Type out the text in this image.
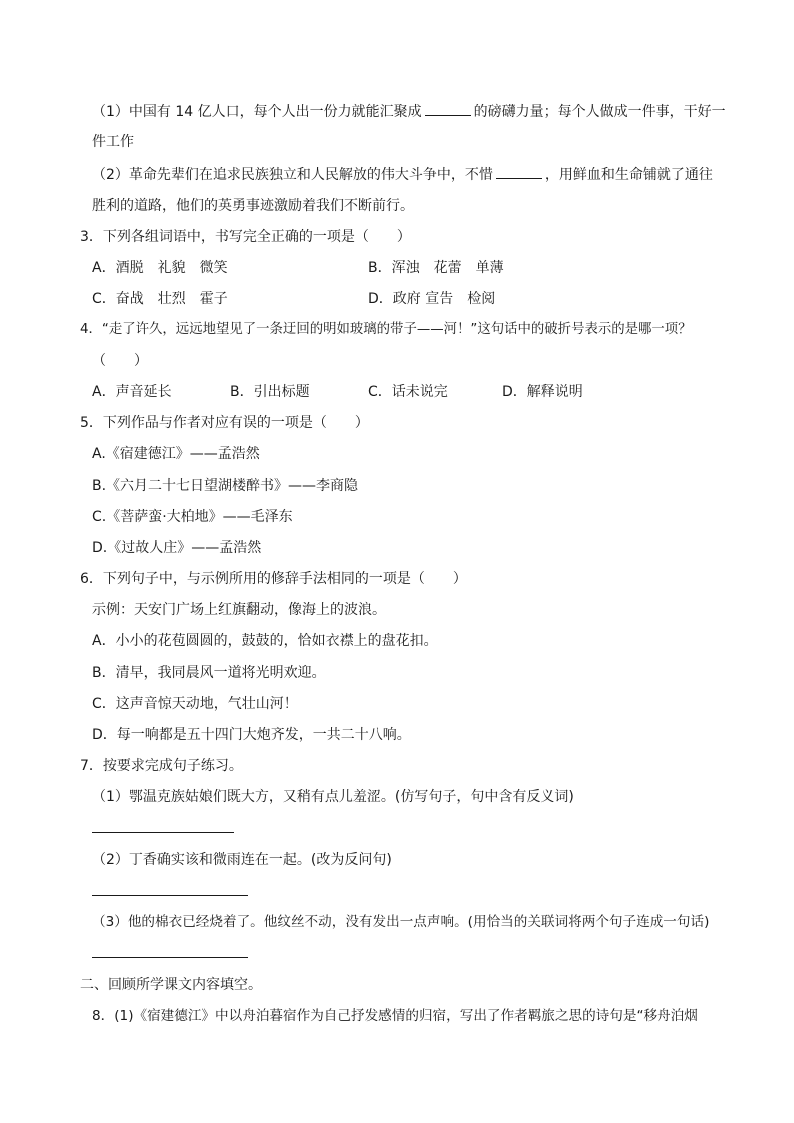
（1）中国有 14 亿人口，每个人出一份力就能汇聚成	的磅礴力量；每个人做成一件事，干好一
件工作
（2）革命先辈们在追求民族独立和人民解放的伟大斗争中，不惜	，用鲜血和生命铺就了通往
胜利的道路，他们的英勇事迹激励着我们不断前行。
3．下列各组词语中，书写完全正确的一项是（　　）
A．酒脱　礼貌　微笑	B．浑浊　花蕾　单薄
C．奋战　壮烈　霍子	D．政府 宣告　检阅
4．“走了许久，远远地望见了一条迂回的明如玻璃的带子——河！”这句话中的破折号表示的是哪一项？
（　　）
A．声音延长	B．引出标题	C．话未说完	D．解释说明
5．下列作品与作者对应有误的一项是（　　）
A.《宿建德江》——孟浩然
B.《六月二十七日望湖楼醉书》——李商隐
C.《菩萨蛮·大柏地》——毛泽东
D.《过故人庄》——孟浩然
6．下列句子中，与示例所用的修辞手法相同的一项是（　　）
示例：天安门广场上红旗翻动，像海上的波浪。
A．小小的花苞圆圆的，鼓鼓的，恰如衣襟上的盘花扣。
B．清早，我同晨风一道将光明欢迎。
C．这声音惊天动地，气壮山河！
D．每一响都是五十四门大炮齐发，一共二十八响。
7．按要求完成句子练习。
（1）鄂温克族姑娘们既大方，又稍有点儿羞涩。(仿写句子，句中含有反义词)
（2）丁香确实该和微雨连在一起。(改为反问句)
（3）他的棉衣已经烧着了。他纹丝不动，没有发出一点声响。(用恰当的关联词将两个句子连成一句话)
二、回顾所学课文内容填空。
8．(1)《宿建德江》中以舟泊暮宿作为自己抒发感情的归宿，写出了作者羁旅之思的诗句是“移舟泊烟
